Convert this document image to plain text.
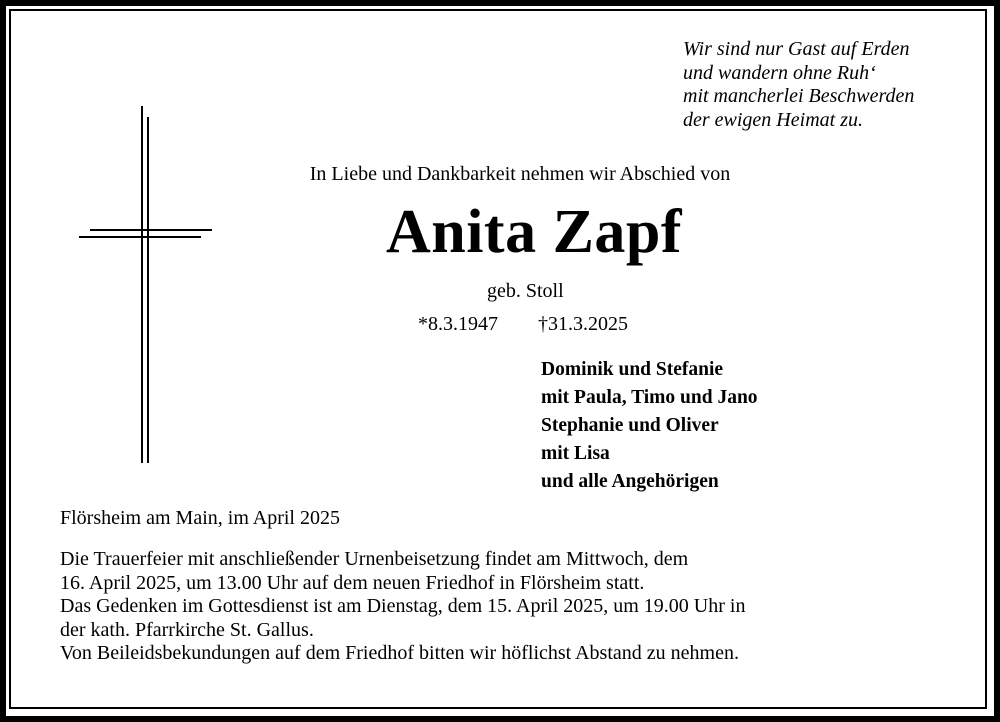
Wir sind nur Gast auf Erden
und wandern ohne Ruh‘
mit mancherlei Beschwerden
der ewigen Heimat zu.
In Liebe und Dankbarkeit nehmen wir Abschied von
Anita Zapf
geb. Stoll
*8.3.1947 †31.3.2025
Dominik und Stefanie
mit Paula, Timo und Jano
Stephanie und Oliver
mit Lisa
und alle Angehörigen
Flörsheim am Main, im April 2025
Die Trauerfeier mit anschließender Urnenbeisetzung findet am Mittwoch, dem
16. April 2025, um 13.00 Uhr auf dem neuen Friedhof in Flörsheim statt.
Das Gedenken im Gottesdienst ist am Dienstag, dem 15. April 2025, um 19.00 Uhr in
der kath. Pfarrkirche St. Gallus.
Von Beileidsbekundungen auf dem Friedhof bitten wir höflichst Abstand zu nehmen.
